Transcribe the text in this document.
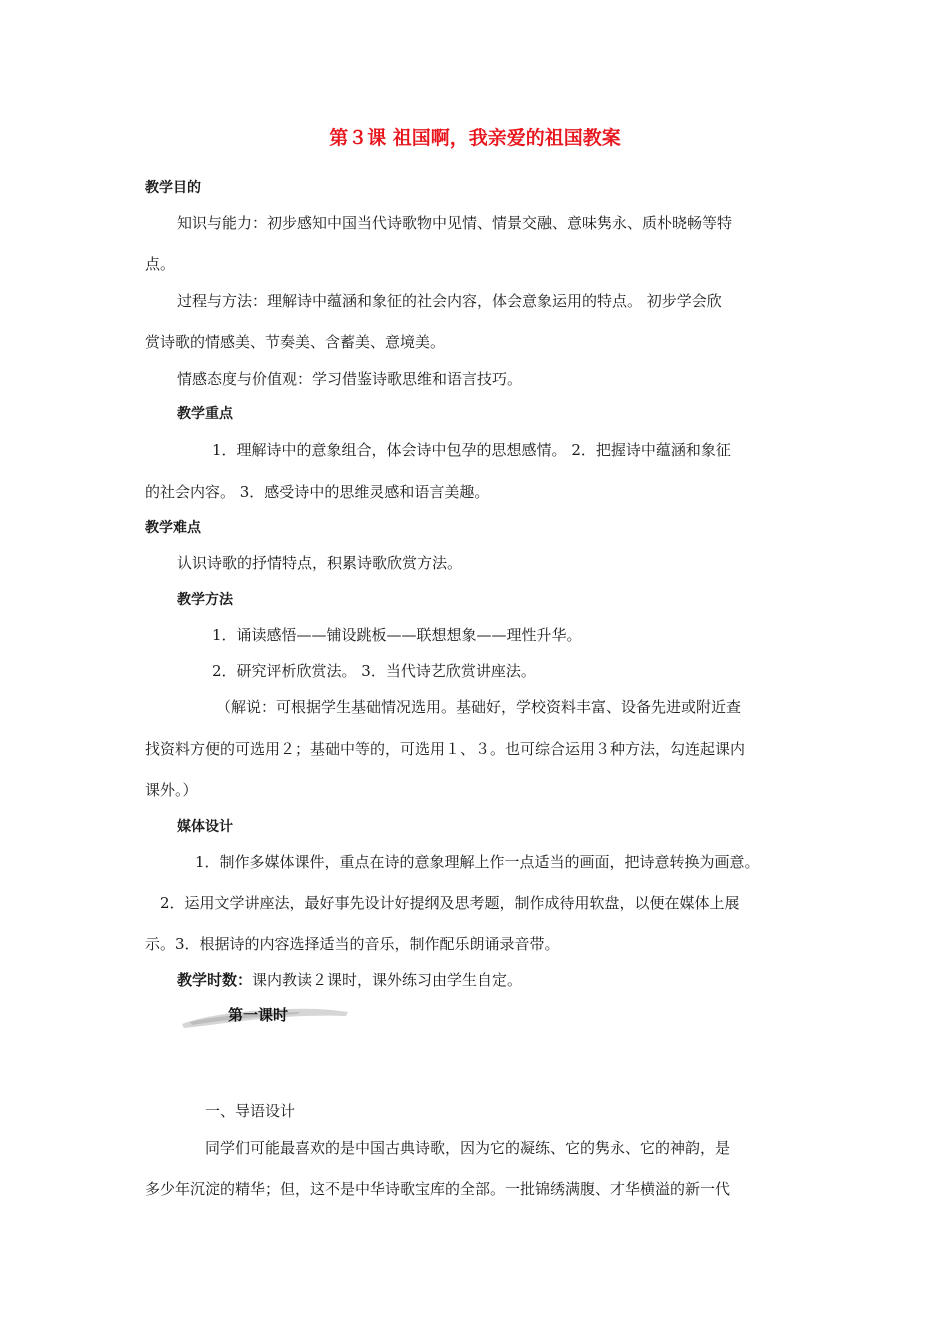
第３课 祖国啊，我亲爱的祖国教案
教学目的
知识与能力：初步感知中国当代诗歌物中见情、情景交融、意味隽永、质朴晓畅等特
点。
过程与方法：理解诗中蕴涵和象征的社会内容，体会意象运用的特点。 初步学会欣
赏诗歌的情感美、节奏美、含蓄美、意境美。
情感态度与价值观：学习借鉴诗歌思维和语言技巧。
教学重点
1．理解诗中的意象组合，体会诗中包孕的思想感情。 2．把握诗中蕴涵和象征
的社会内容。 3．感受诗中的思维灵感和语言美趣。
教学难点
认识诗歌的抒情特点，积累诗歌欣赏方法。
教学方法
1．诵读感悟——铺设跳板——联想想象——理性升华。
2．研究评析欣赏法。 3．当代诗艺欣赏讲座法。
（解说：可根据学生基础情况选用。基础好，学校资料丰富、设备先进或附近查
找资料方便的可选用２；基础中等的，可选用１、３。也可综合运用３种方法，勾连起课内
课外。）
媒体设计
1．制作多媒体课件，重点在诗的意象理解上作一点适当的画面，把诗意转换为画意。
2．运用文学讲座法，最好事先设计好提纲及思考题，制作成待用软盘，以便在媒体上展
示。3．根据诗的内容选择适当的音乐，制作配乐朗诵录音带。
教学时数：课内教读２课时，课外练习由学生自定。
第一课时
一、导语设计
同学们可能最喜欢的是中国古典诗歌，因为它的凝练、它的隽永、它的神韵，是
多少年沉淀的精华；但，这不是中华诗歌宝库的全部。一批锦绣满腹、才华横溢的新一代
